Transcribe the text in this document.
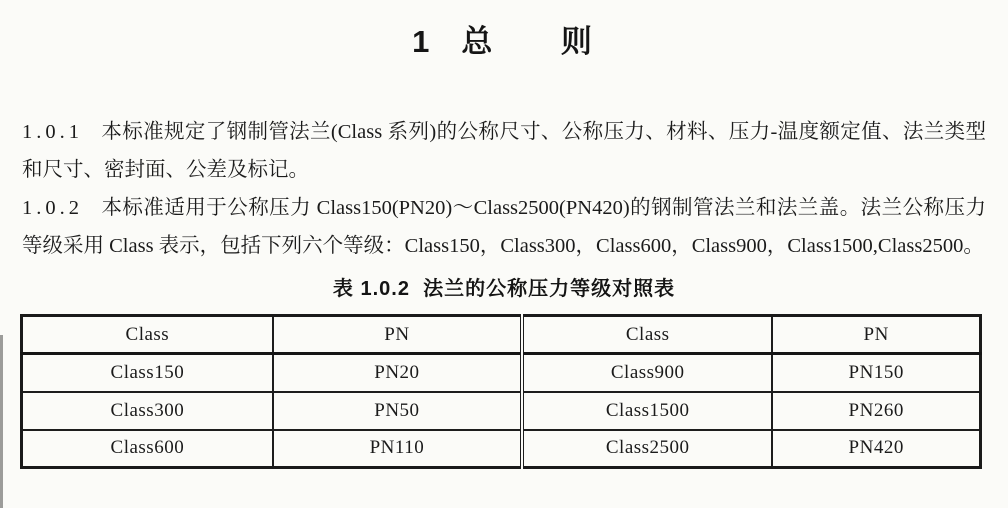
1 总 则

1.0.1 本标准规定了钢制管法兰(Class 系列)的公称尺寸、公称压力、材料、压力-温度额定值、法兰类型和尺寸、密封面、公差及标记。

1.0.2 本标准适用于公称压力 Class150(PN20)～Class2500(PN420)的钢制管法兰和法兰盖。法兰公称压力等级采用 Class 表示，包括下列六个等级：Class150，Class300，Class600，Class900，Class1500,Class2500。

表 1.0.2  法兰的公称压力等级对照表
Class	PN	Class	PN
Class150	PN20	Class900	PN150
Class300	PN50	Class1500	PN260
Class600	PN110	Class2500	PN420
